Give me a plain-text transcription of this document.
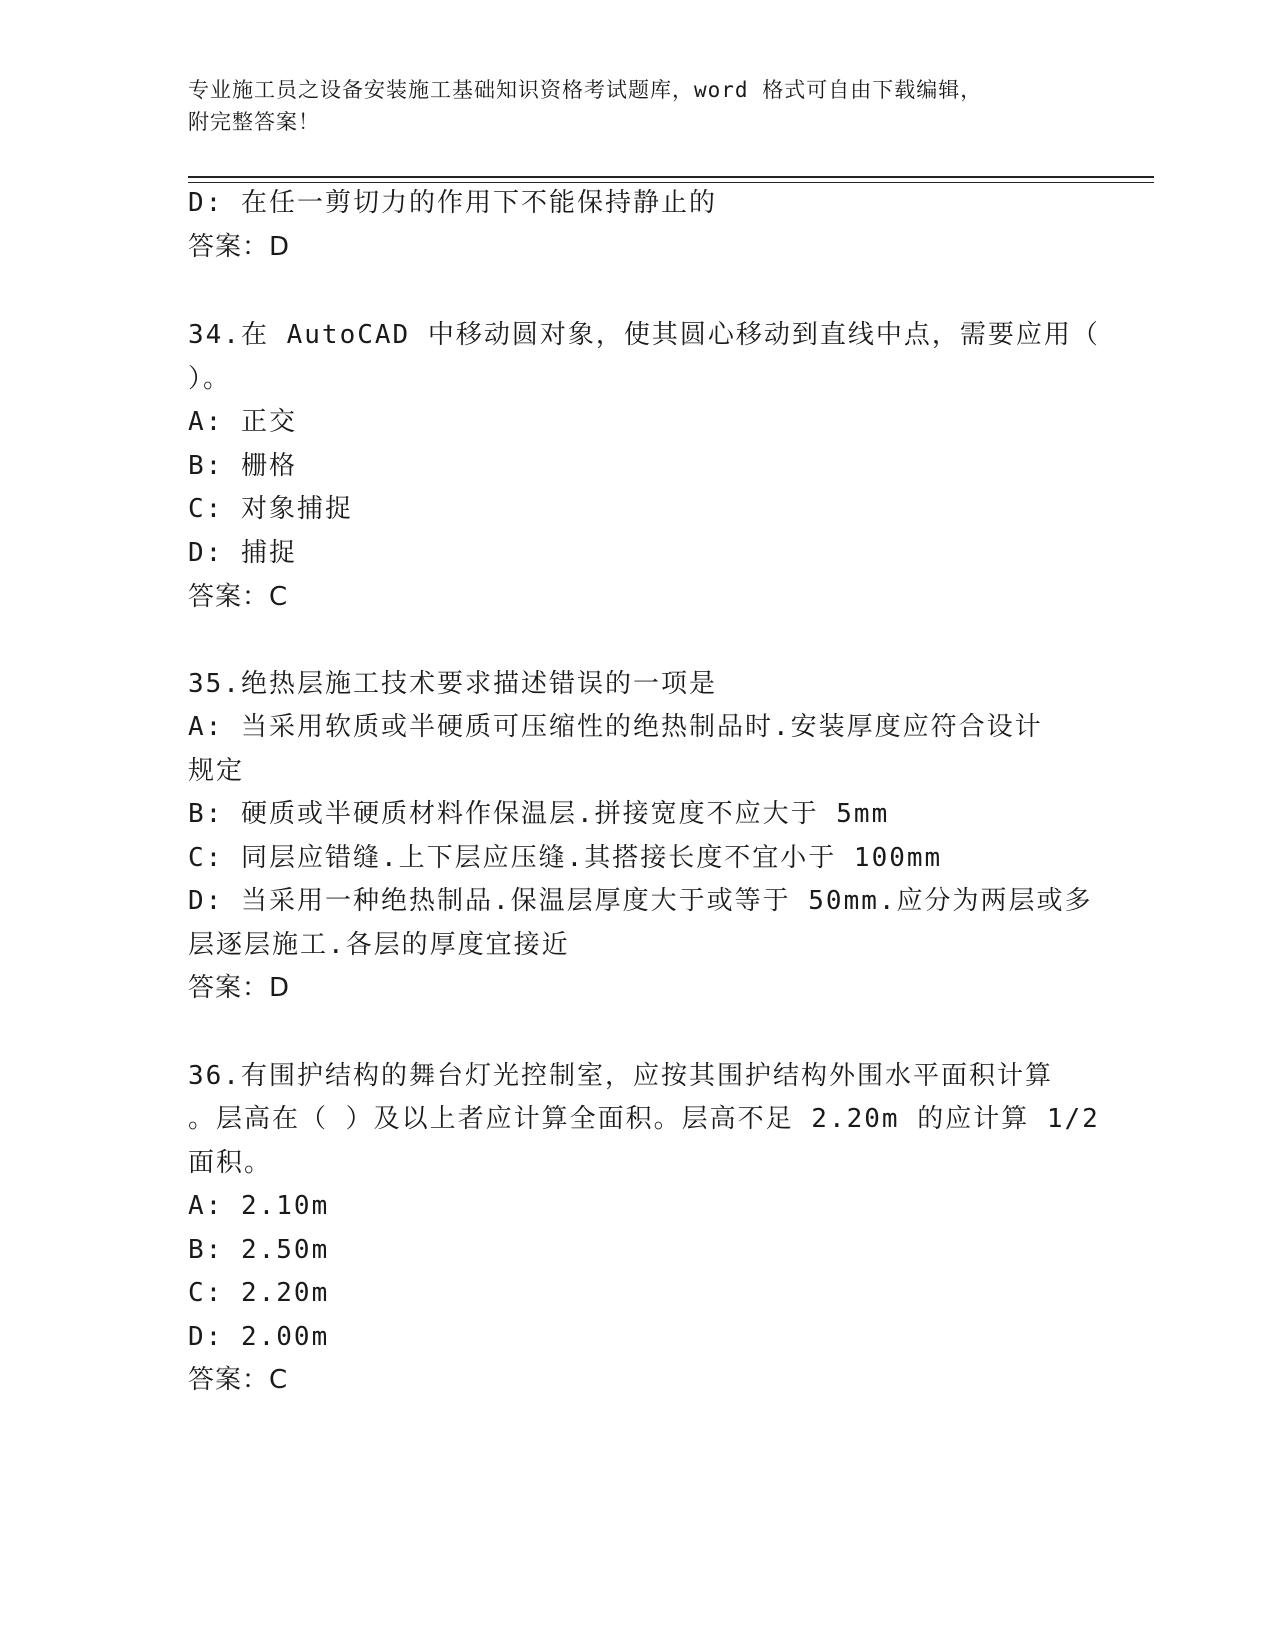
专业施工员之设备安装施工基础知识资格考试题库，word 格式可自由下载编辑，
附完整答案！
D: 在任一剪切力的作用下不能保持静止的
答案：D
34.在 AutoCAD 中移动圆对象，使其圆心移动到直线中点，需要应用（
）。
A: 正交
B: 栅格
C: 对象捕捉
D: 捕捉
答案：C
35.绝热层施工技术要求描述错误的一项是
A: 当采用软质或半硬质可压缩性的绝热制品时.安装厚度应符合设计
规定
B: 硬质或半硬质材料作保温层.拼接宽度不应大于 5mm
C: 同层应错缝.上下层应压缝.其搭接长度不宜小于 100mm
D: 当采用一种绝热制品.保温层厚度大于或等于 50mm.应分为两层或多
层逐层施工.各层的厚度宜接近
答案：D
36.有围护结构的舞台灯光控制室，应按其围护结构外围水平面积计算
。层高在（ ）及以上者应计算全面积。层高不足 2.20m 的应计算 1/2
面积。
A: 2.10m
B: 2.50m
C: 2.20m
D: 2.00m
答案：C
